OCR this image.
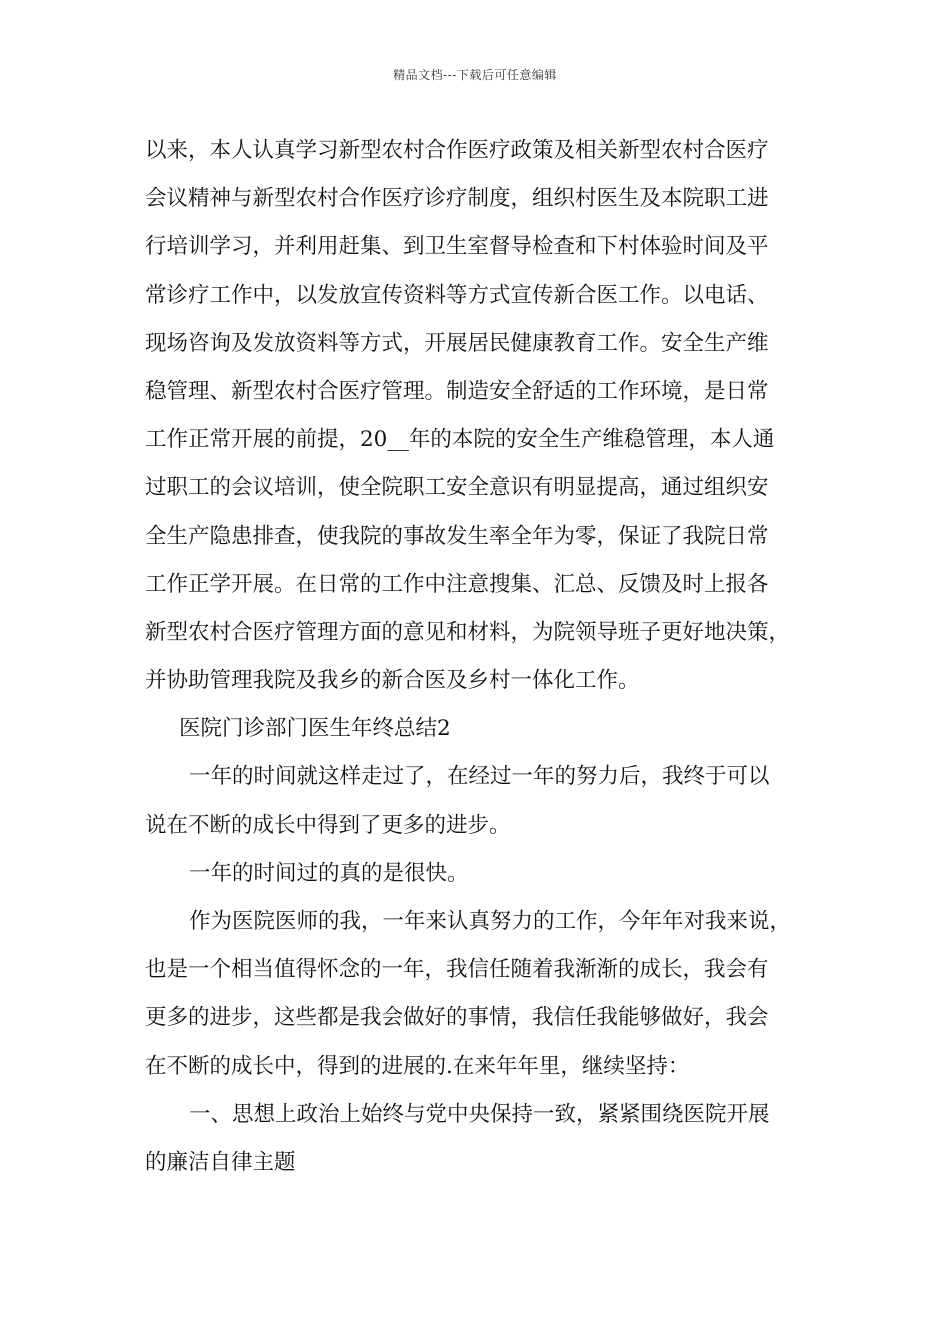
精品文档---下载后可任意编辑
以来，本人认真学习新型农村合作医疗政策及相关新型农村合医疗
会议精神与新型农村合作医疗诊疗制度，组织村医生及本院职工进
行培训学习，并利用赶集、到卫生室督导检查和下村体验时间及平
常诊疗工作中，以发放宣传资料等方式宣传新合医工作。以电话、
现场咨询及发放资料等方式，开展居民健康教育工作。安全生产维
稳管理、新型农村合医疗管理。制造安全舒适的工作环境，是日常
工作正常开展的前提，20__年的本院的安全生产维稳管理，本人通
过职工的会议培训，使全院职工安全意识有明显提高，通过组织安
全生产隐患排查，使我院的事故发生率全年为零，保证了我院日常
工作正学开展。在日常的工作中注意搜集、汇总、反馈及时上报各
新型农村合医疗管理方面的意见和材料，为院领导班子更好地决策，
并协助管理我院及我乡的新合医及乡村一体化工作。
医院门诊部门医生年终总结2
一年的时间就这样走过了，在经过一年的努力后，我终于可以
说在不断的成长中得到了更多的进步。
一年的时间过的真的是很快。
作为医院医师的我，一年来认真努力的工作，今年年对我来说，
也是一个相当值得怀念的一年，我信任随着我渐渐的成长，我会有
更多的进步，这些都是我会做好的事情，我信任我能够做好，我会
在不断的成长中，得到的进展的.在来年年里，继续坚持：
一、思想上政治上始终与党中央保持一致，紧紧围绕医院开展
的廉洁自律主题
